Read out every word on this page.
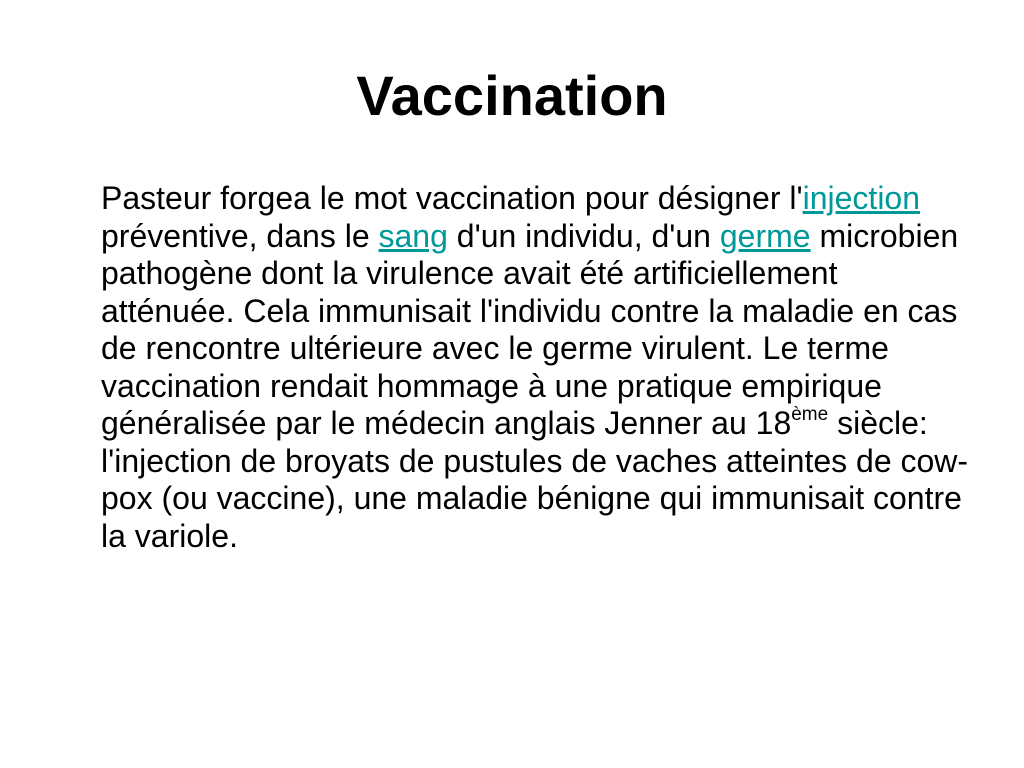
Vaccination

Pasteur forgea le mot vaccination pour désigner l'injection préventive, dans le sang d'un individu, d'un germe microbien pathogène dont la virulence avait été artificiellement atténuée. Cela immunisait l'individu contre la maladie en cas de rencontre ultérieure avec le germe virulent. Le terme vaccination rendait hommage à une pratique empirique généralisée par le médecin anglais Jenner au 18ème siècle: l'injection de broyats de pustules de vaches atteintes de cow-pox (ou vaccine), une maladie bénigne qui immunisait contre la variole.
